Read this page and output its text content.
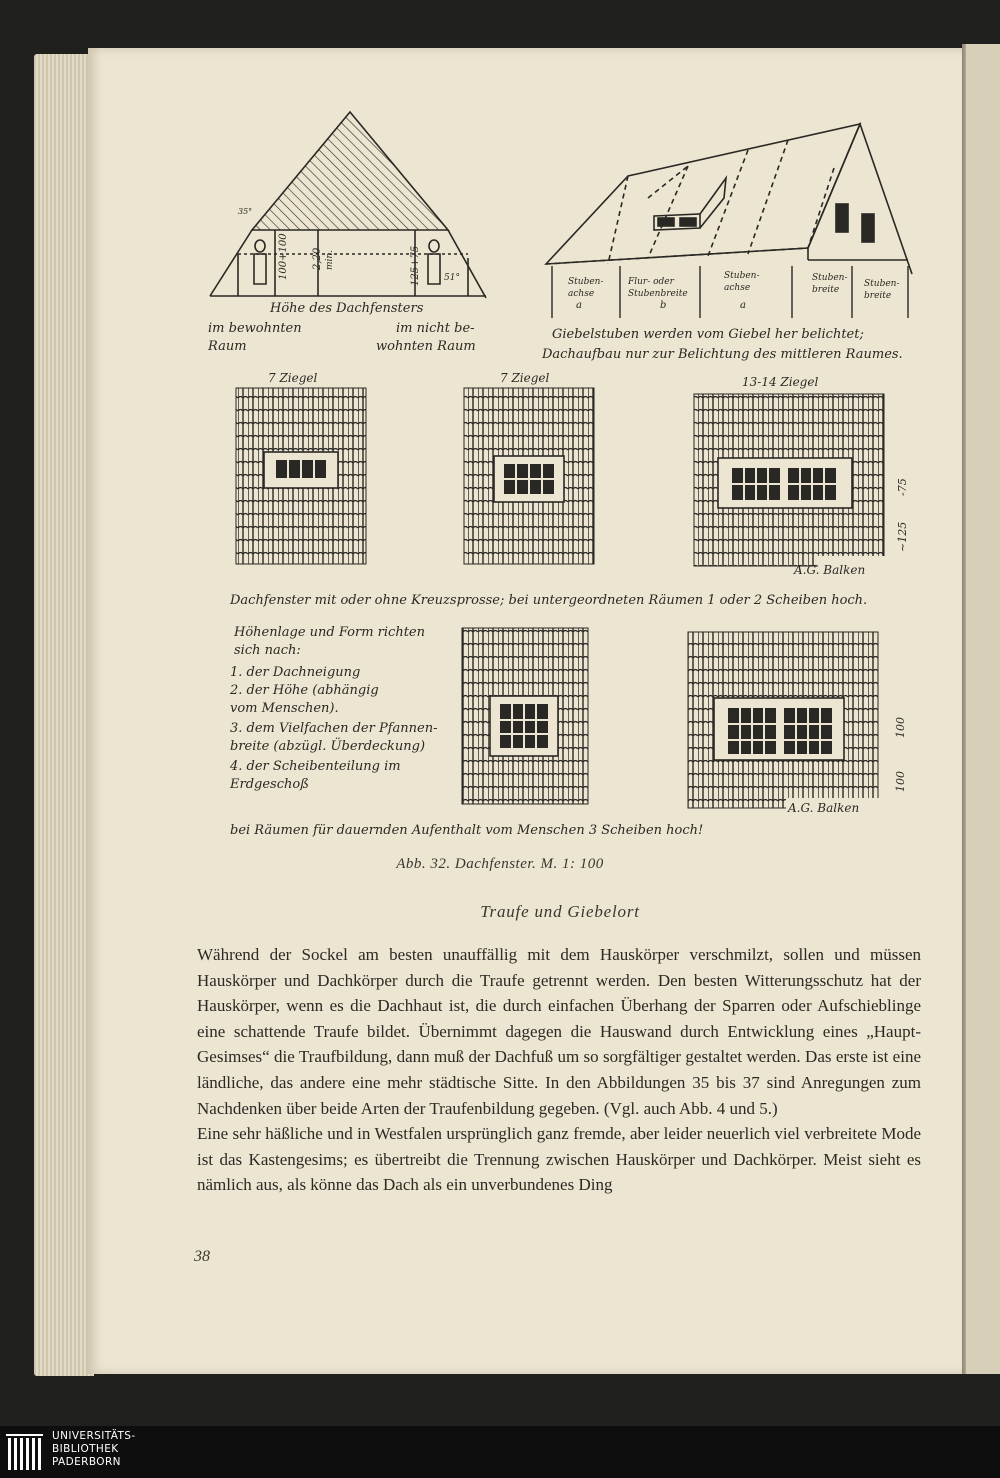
35°
100+100 2,20 min.	125+75	51°
Höhe des Dachfensters
im bewohnten
Raum
im nicht be-
wohnten Raum
Stuben-
achse
Flur- oder
Stubenbreite
Stuben-
achse
Stuben-
breite
Stuben-
breite
a	b	a
Giebelstuben werden vom Giebel her belichtet;
Dachaufbau nur zur Belichtung des mittleren Raumes.
7 Ziegel	7 Ziegel	13-14 Ziegel
~125
-75
A.G. Balken
Dachfenster mit oder ohne Kreuzsprosse; bei untergeordneten Räumen 1 oder 2 Scheiben hoch.
Höhenlage und Form richten
sich nach:
1. der Dachneigung
2. der Höhe (abhängig
vom Menschen).
3. dem Vielfachen der Pfannen-
breite (abzügl. Überdeckung)
4. der Scheibenteilung im
Erdgeschoß	100
100
A.G. Balken
bei Räumen für dauernden Aufenthalt vom Menschen 3 Scheiben hoch!
Abb. 32. Dachfenster. M. 1: 100
Traufe und Giebelort

Während der Sockel am besten unauffällig mit dem Hauskörper verschmilzt, sollen und müssen Hauskörper und Dachkörper durch die Traufe getrennt werden. Den besten Witterungsschutz hat der Hauskörper, wenn es die Dachhaut ist, die durch einfachen Überhang der Sparren oder Aufschieblinge eine schattende Traufe bildet. Übernimmt dagegen die Hauswand durch Entwicklung eines „Haupt-Gesimses“ die Traufbildung, dann muß der Dachfuß um so sorgfältiger gestaltet werden. Das erste ist eine ländliche, das andere eine mehr städtische Sitte. In den Abbildungen 35 bis 37 sind Anregungen zum Nachdenken über beide Arten der Traufenbildung gegeben. (Vgl. auch Abb. 4 und 5.)

Eine sehr häßliche und in Westfalen ursprünglich ganz fremde, aber leider neuerlich viel verbreitete Mode ist das Kastengesims; es übertreibt die Trennung zwischen Hauskörper und Dachkörper. Meist sieht es nämlich aus, als könne das Dach als ein unverbundenes Ding

38
UNIVERSITÄTS-
BIBLIOTHEK
PADERBORN
